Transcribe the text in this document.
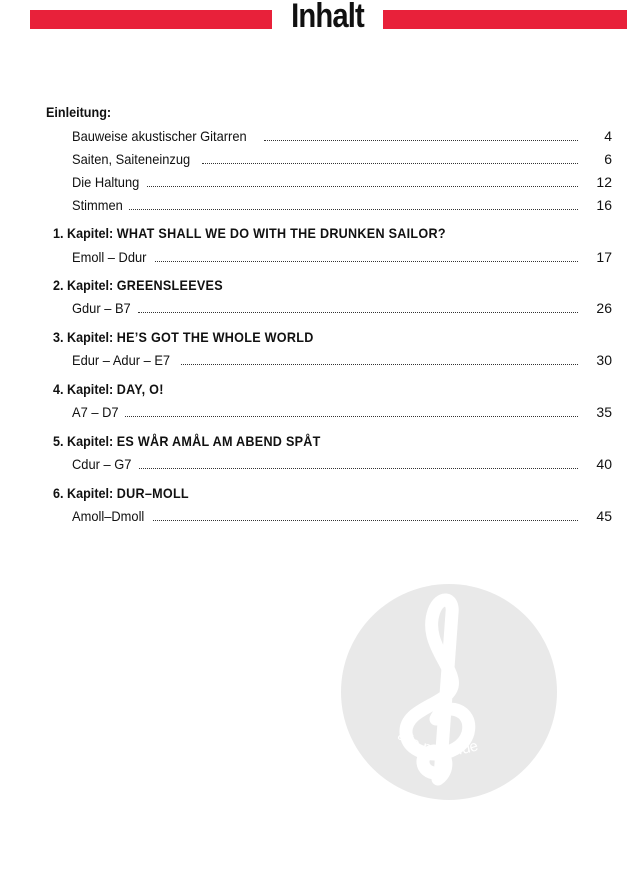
Inhalt
Einleitung:
Bauweise akustischer Gitarren	4
Saiten, Saiteneinzug	6
Die Haltung	12
Stimmen	16
1. Kapitel: WHAT SHALL WE DO WITH THE DRUNKEN SAILOR?
Emoll – Ddur	17
2. Kapitel: GREENSLEEVES
Gdur – B7	26
3. Kapitel: HE’S GOT THE WHOLE WORLD
Edur – Adur – E7	30
4. Kapitel: DAY, O!
A7 – D7	35
5. Kapitel: ES WÅR AMÅL AM ABEND SPÅT
Cdur – G7	40
6. Kapitel: DUR–MOLL
Amoll–Dmoll	45
alle-noten.de
